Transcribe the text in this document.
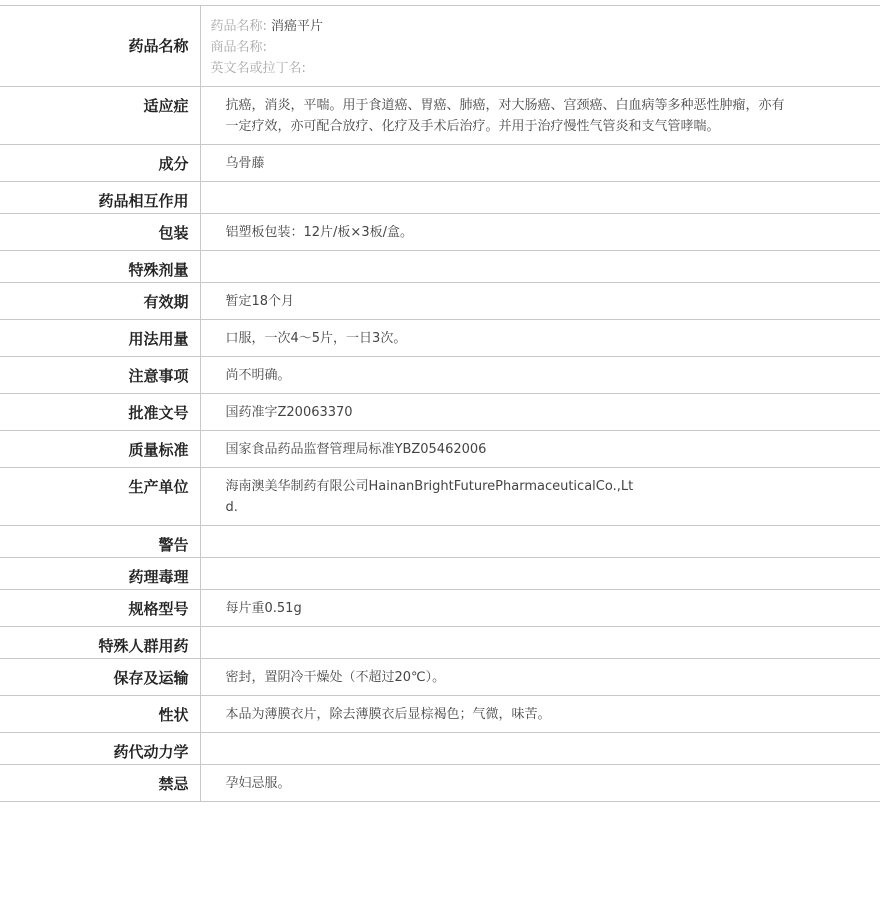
药品名称	药品名称: 消癌平片
商品名称:
英文名或拉丁名:

适应症	抗癌，消炎，平喘。用于食道癌、胃癌、肺癌，对大肠癌、宫颈癌、白血病等多种恶性肿瘤，亦有一定疗效，亦可配合放疗、化疗及手术后治疗。并用于治疗慢性气管炎和支气管哮喘。
成分	乌骨藤
药品相互作用	
包装	铝塑板包装：12片/板×3板/盒。
特殊剂量	
有效期	暂定18个月
用法用量	口服，一次4～5片，一日3次。
注意事项	尚不明确。
批准文号	国药准字Z20063370
质量标准	国家食品药品监督管理局标准YBZ05462006
生产单位	海南澳美华制药有限公司HainanBrightFuturePharmaceuticalCo.,Ltd.
警告	
药理毒理	
规格型号	每片重0.51g
特殊人群用药	
保存及运输	密封，置阴冷干燥处（不超过20℃）。
性状	本品为薄膜衣片，除去薄膜衣后显棕褐色；气微，味苦。
药代动力学	
禁忌	孕妇忌服。
